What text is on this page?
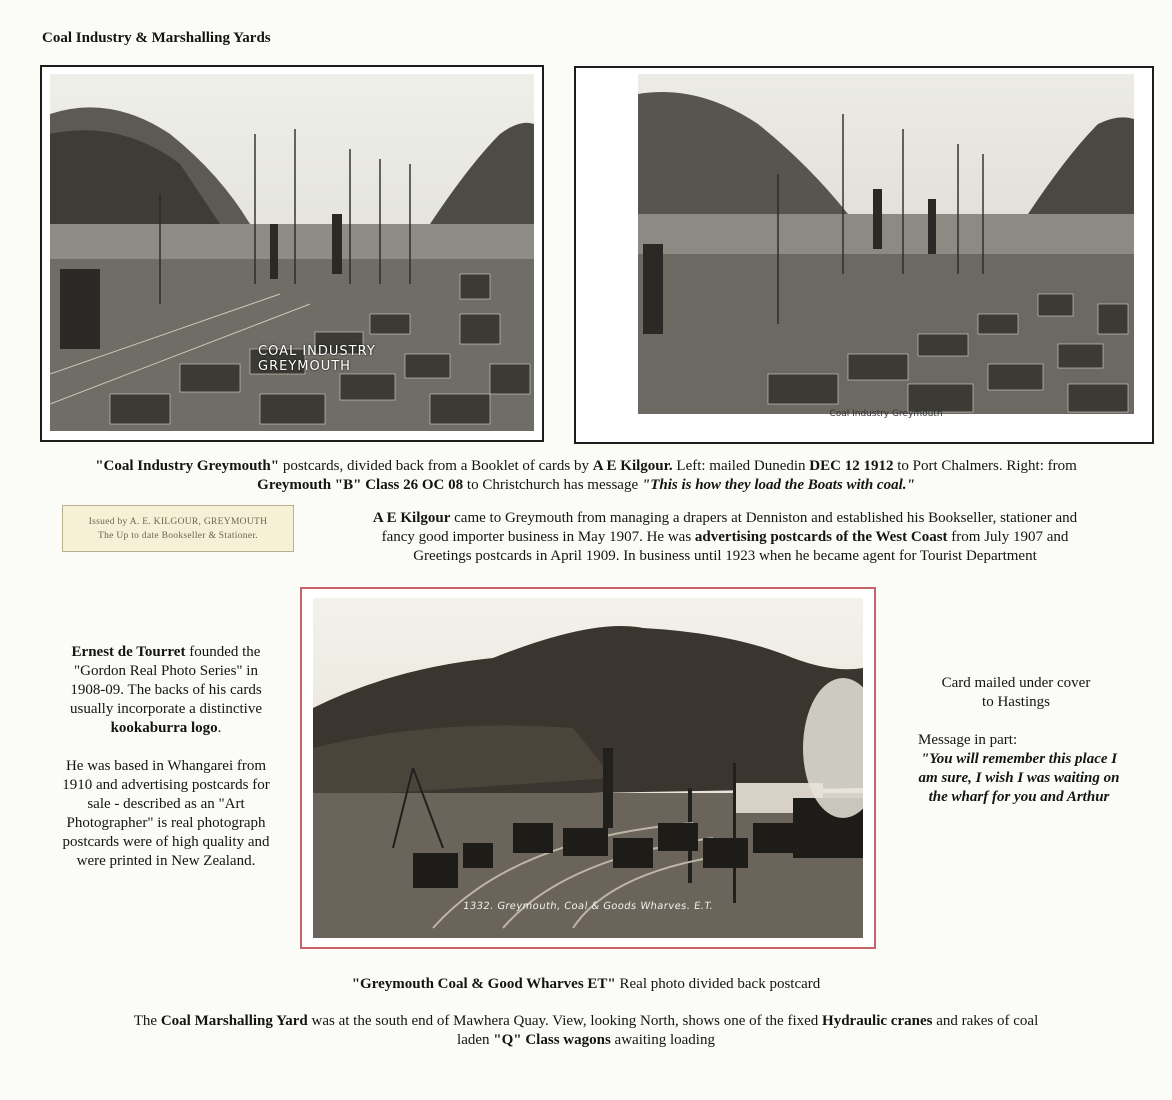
Coal Industry & Marshalling Yards
COAL INDUSTRY
GREYMOUTH
Coal Industry Greymouth
"Coal Industry Greymouth" postcards, divided back from a Booklet of cards by A E Kilgour. Left: mailed Dunedin DEC 12 1912 to Port Chalmers. Right: from
Greymouth "B" Class 26 OC 08 to Christchurch has message "This is how they load the Boats with coal."
Issued by A. E. KILGOUR, GREYMOUTH
The Up to date Bookseller & Stationer.
A E Kilgour came to Greymouth from managing a drapers at Denniston and established his Bookseller, stationer and
fancy good importer business in May 1907. He was advertising postcards of the West Coast from July 1907 and
Greetings postcards in April 1909. In business until 1923 when he became agent for Tourist Department
Ernest de Tourret founded the "Gordon Real Photo Series" in 1908-09. The backs of his cards usually incorporate a distinctive kookaburra logo.
He was based in Whangarei from 1910 and advertising postcards for sale - described as an "Art Photographer" is real photograph postcards were of high quality and were printed in New Zealand.
1332. Greymouth, Coal & Goods Wharves. E.T.
Card mailed under cover
to Hastings
Message in part:
"You will remember this place I am sure, I wish I was waiting on the wharf for you and Arthur
"Greymouth Coal & Good Wharves ET" Real photo divided back postcard
The Coal Marshalling Yard was at the south end of Mawhera Quay. View, looking North, shows one of the fixed Hydraulic cranes and rakes of coal
laden "Q" Class wagons awaiting loading
